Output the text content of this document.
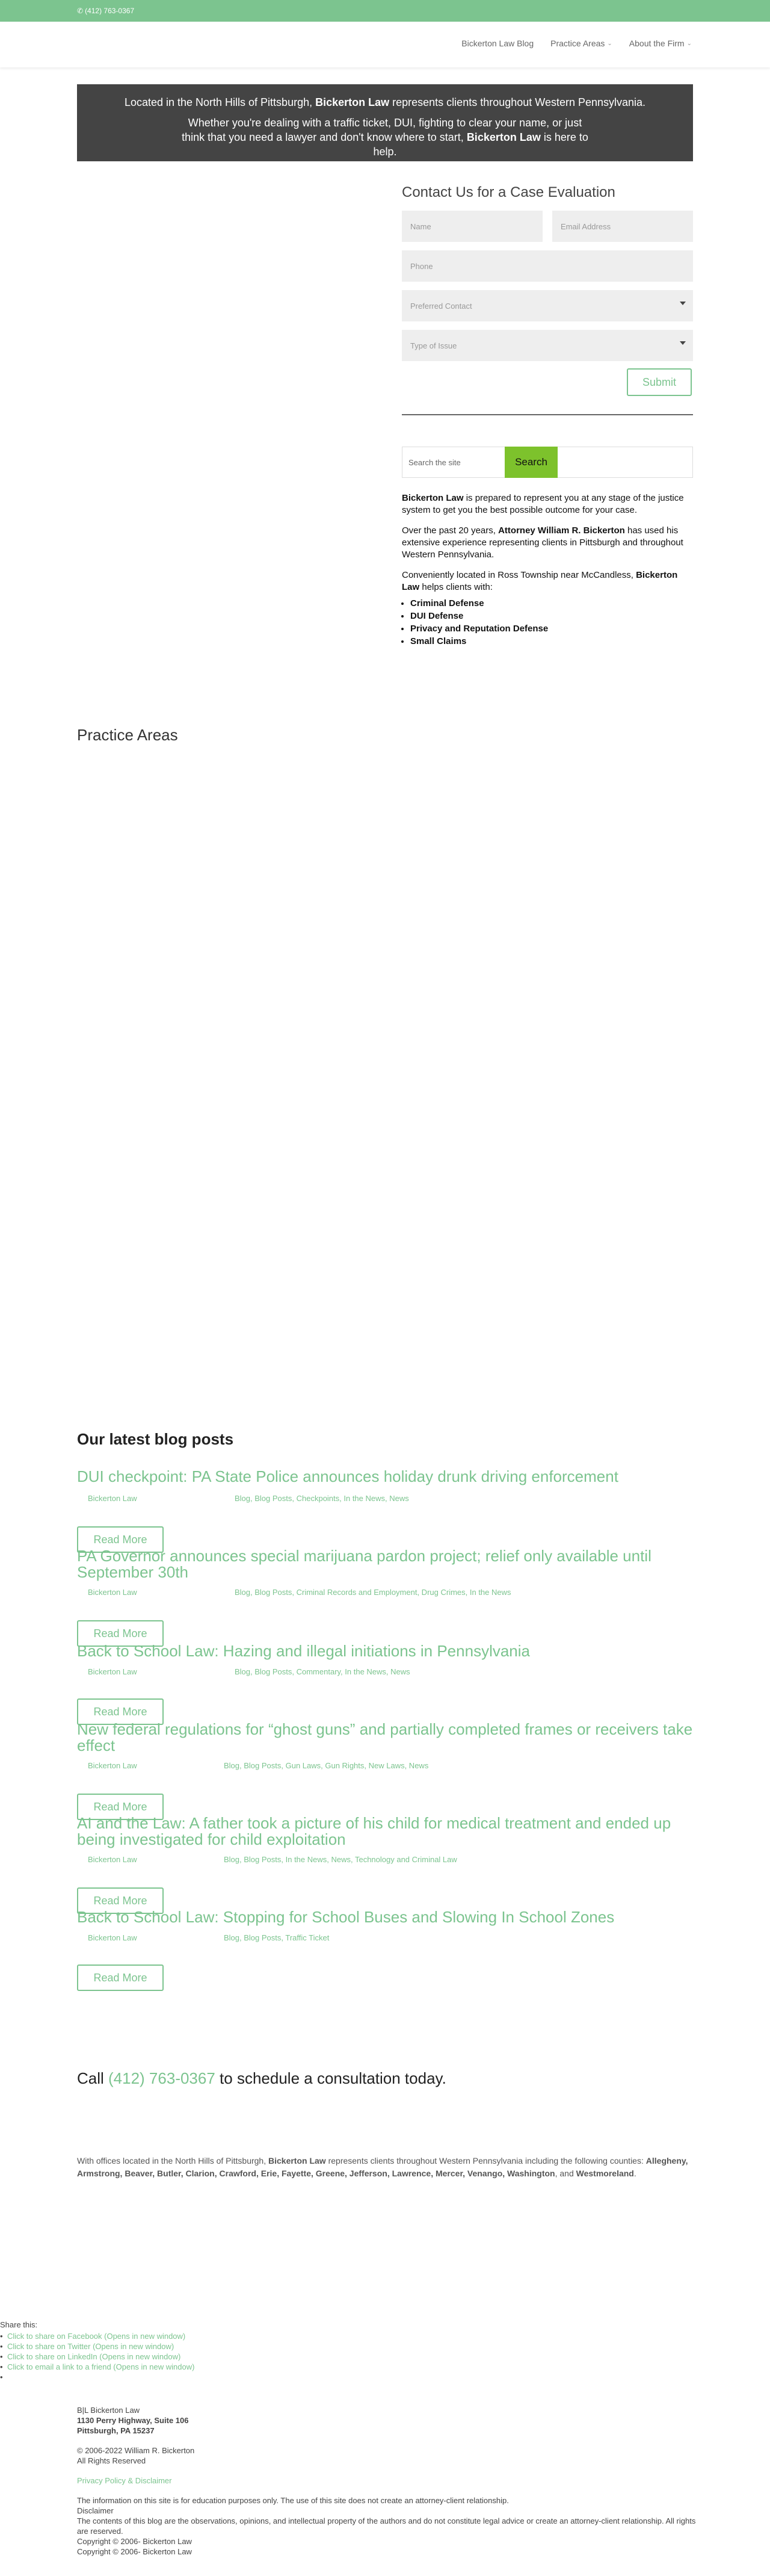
✆ (412) 763-0367
Bickerton Law Blog Practice Areas ⌄ About the Firm ⌄

Located in the North Hills of Pittsburgh, Bickerton Law represents clients throughout Western Pennsylvania.

Whether you're dealing with a traffic ticket, DUI, fighting to clear your name, or just think that you need a lawyer and don't know where to start, Bickerton Law is here to help.

Contact Us for a Case Evaluation
Name	Email Address
Phone
Preferred Contact
Type of Issue
Submit
Search the site	Search

Bickerton Law is prepared to represent you at any stage of the justice system to get you the best possible outcome for your case.

Over the past 20 years, Attorney William R. Bickerton has used his extensive experience representing clients in Pittsburgh and throughout Western Pennsylvania.

Conveniently located in Ross Township near McCandless, Bickerton Law helps clients with:

• Criminal Defense
• DUI Defense
• Privacy and Reputation Defense
• Small Claims
Practice Areas
Our latest blog posts
DUI checkpoint: PA State Police announces holiday drunk driving enforcement
Bickerton Law	Blog, Blog Posts, Checkpoints, In the News, News
Read More
PA Governor announces special marijuana pardon project; relief only available until September 30th
Bickerton Law	Blog, Blog Posts, Criminal Records and Employment, Drug Crimes, In the News
Read More
Back to School Law: Hazing and illegal initiations in Pennsylvania
Bickerton Law	Blog, Blog Posts, Commentary, In the News, News
Read More
New federal regulations for “ghost guns” and partially completed frames or receivers take effect
Bickerton Law	Blog, Blog Posts, Gun Laws, Gun Rights, New Laws, News
Read More
AI and the Law: A father took a picture of his child for medical treatment and ended up being investigated for child exploitation
Bickerton Law	Blog, Blog Posts, In the News, News, Technology and Criminal Law
Read More
Back to School Law: Stopping for School Buses and Slowing In School Zones
Bickerton Law	Blog, Blog Posts, Traffic Ticket
Read More
Call (412) 763-0367 to schedule a consultation today.
With offices located in the North Hills of Pittsburgh, Bickerton Law represents clients throughout Western Pennsylvania including the following counties: Allegheny, Armstrong, Beaver, Butler, Clarion, Crawford, Erie, Fayette, Greene, Jefferson, Lawrence, Mercer, Venango, Washington, and Westmoreland.
Share this:
• Click to share on Facebook (Opens in new window)
• Click to share on Twitter (Opens in new window)
• Click to share on LinkedIn (Opens in new window)
• Click to email a link to a friend (Opens in new window)
B|L Bickerton Law
1130 Perry Highway, Suite 106
Pittsburgh, PA 15237
© 2006-2022 William R. Bickerton
All Rights Reserved
Privacy Policy & Disclaimer
The information on this site is for education purposes only. The use of this site does not create an attorney-client relationship.
Disclaimer
The contents of this blog are the observations, opinions, and intellectual property of the authors and do not constitute legal advice or create an attorney-client relationship. All rights are reserved.
Copyright © 2006- Bickerton Law
Copyright © 2006- Bickerton Law
